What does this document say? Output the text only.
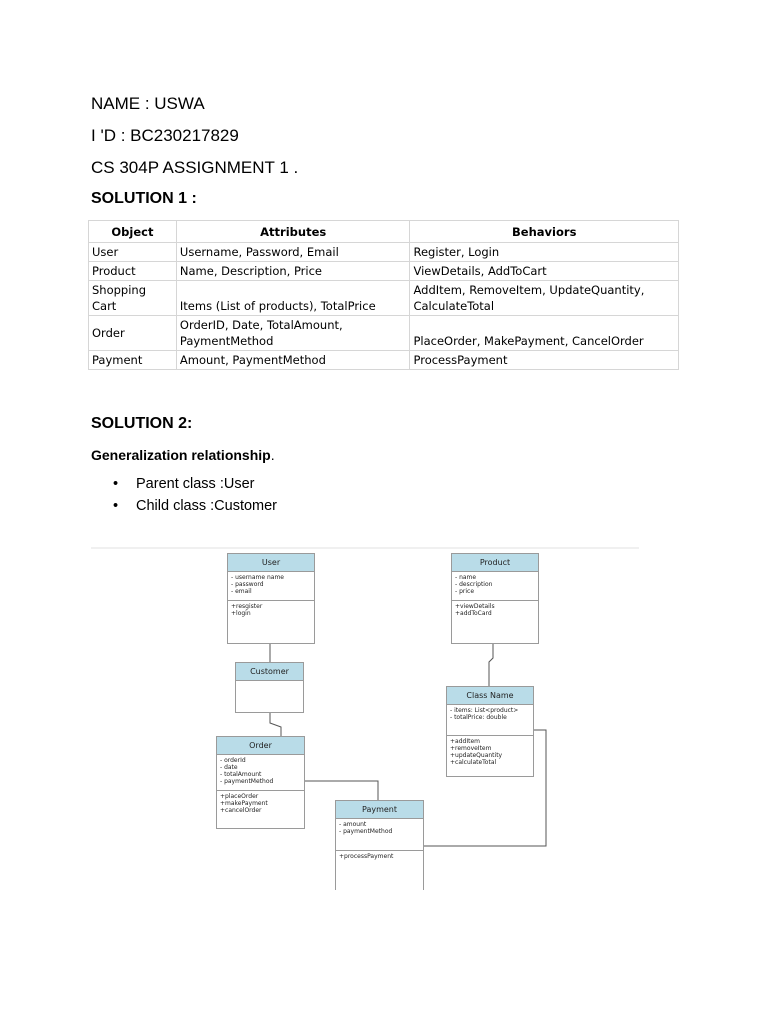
NAME : USWA
I 'D : BC230217829
CS 304P ASSIGNMENT 1 .
SOLUTION 1 :
Object	Attributes	Behaviors
User	Username, Password, Email	Register, Login
Product	Name, Description, Price	ViewDetails, AddToCart
Shopping Cart	Items (List of products), TotalPrice	AddItem, RemoveItem, UpdateQuantity, CalculateTotal
Order	OrderID, Date, TotalAmount, PaymentMethod	PlaceOrder, MakePayment, CancelOrder
Payment	Amount, PaymentMethod	ProcessPayment
SOLUTION 2:
Generalization relationship.
• Parent class :User
• Child class :Customer
User
- username name
- password
- email
+resgister
+login
Product
- name
- description
- price
+viewDetails
+addToCard
Customer
Class Name
- items: List<product>
- totalPrice: double
+addItem
+removeItem
+updateQuantity
+calculateTotal
Order
- orderId
- date
- totalAmount
- paymentMethod
+placeOrder
+makePayment
+cancelOrder	Payment
- amount
- paymentMethod
+processPayment
